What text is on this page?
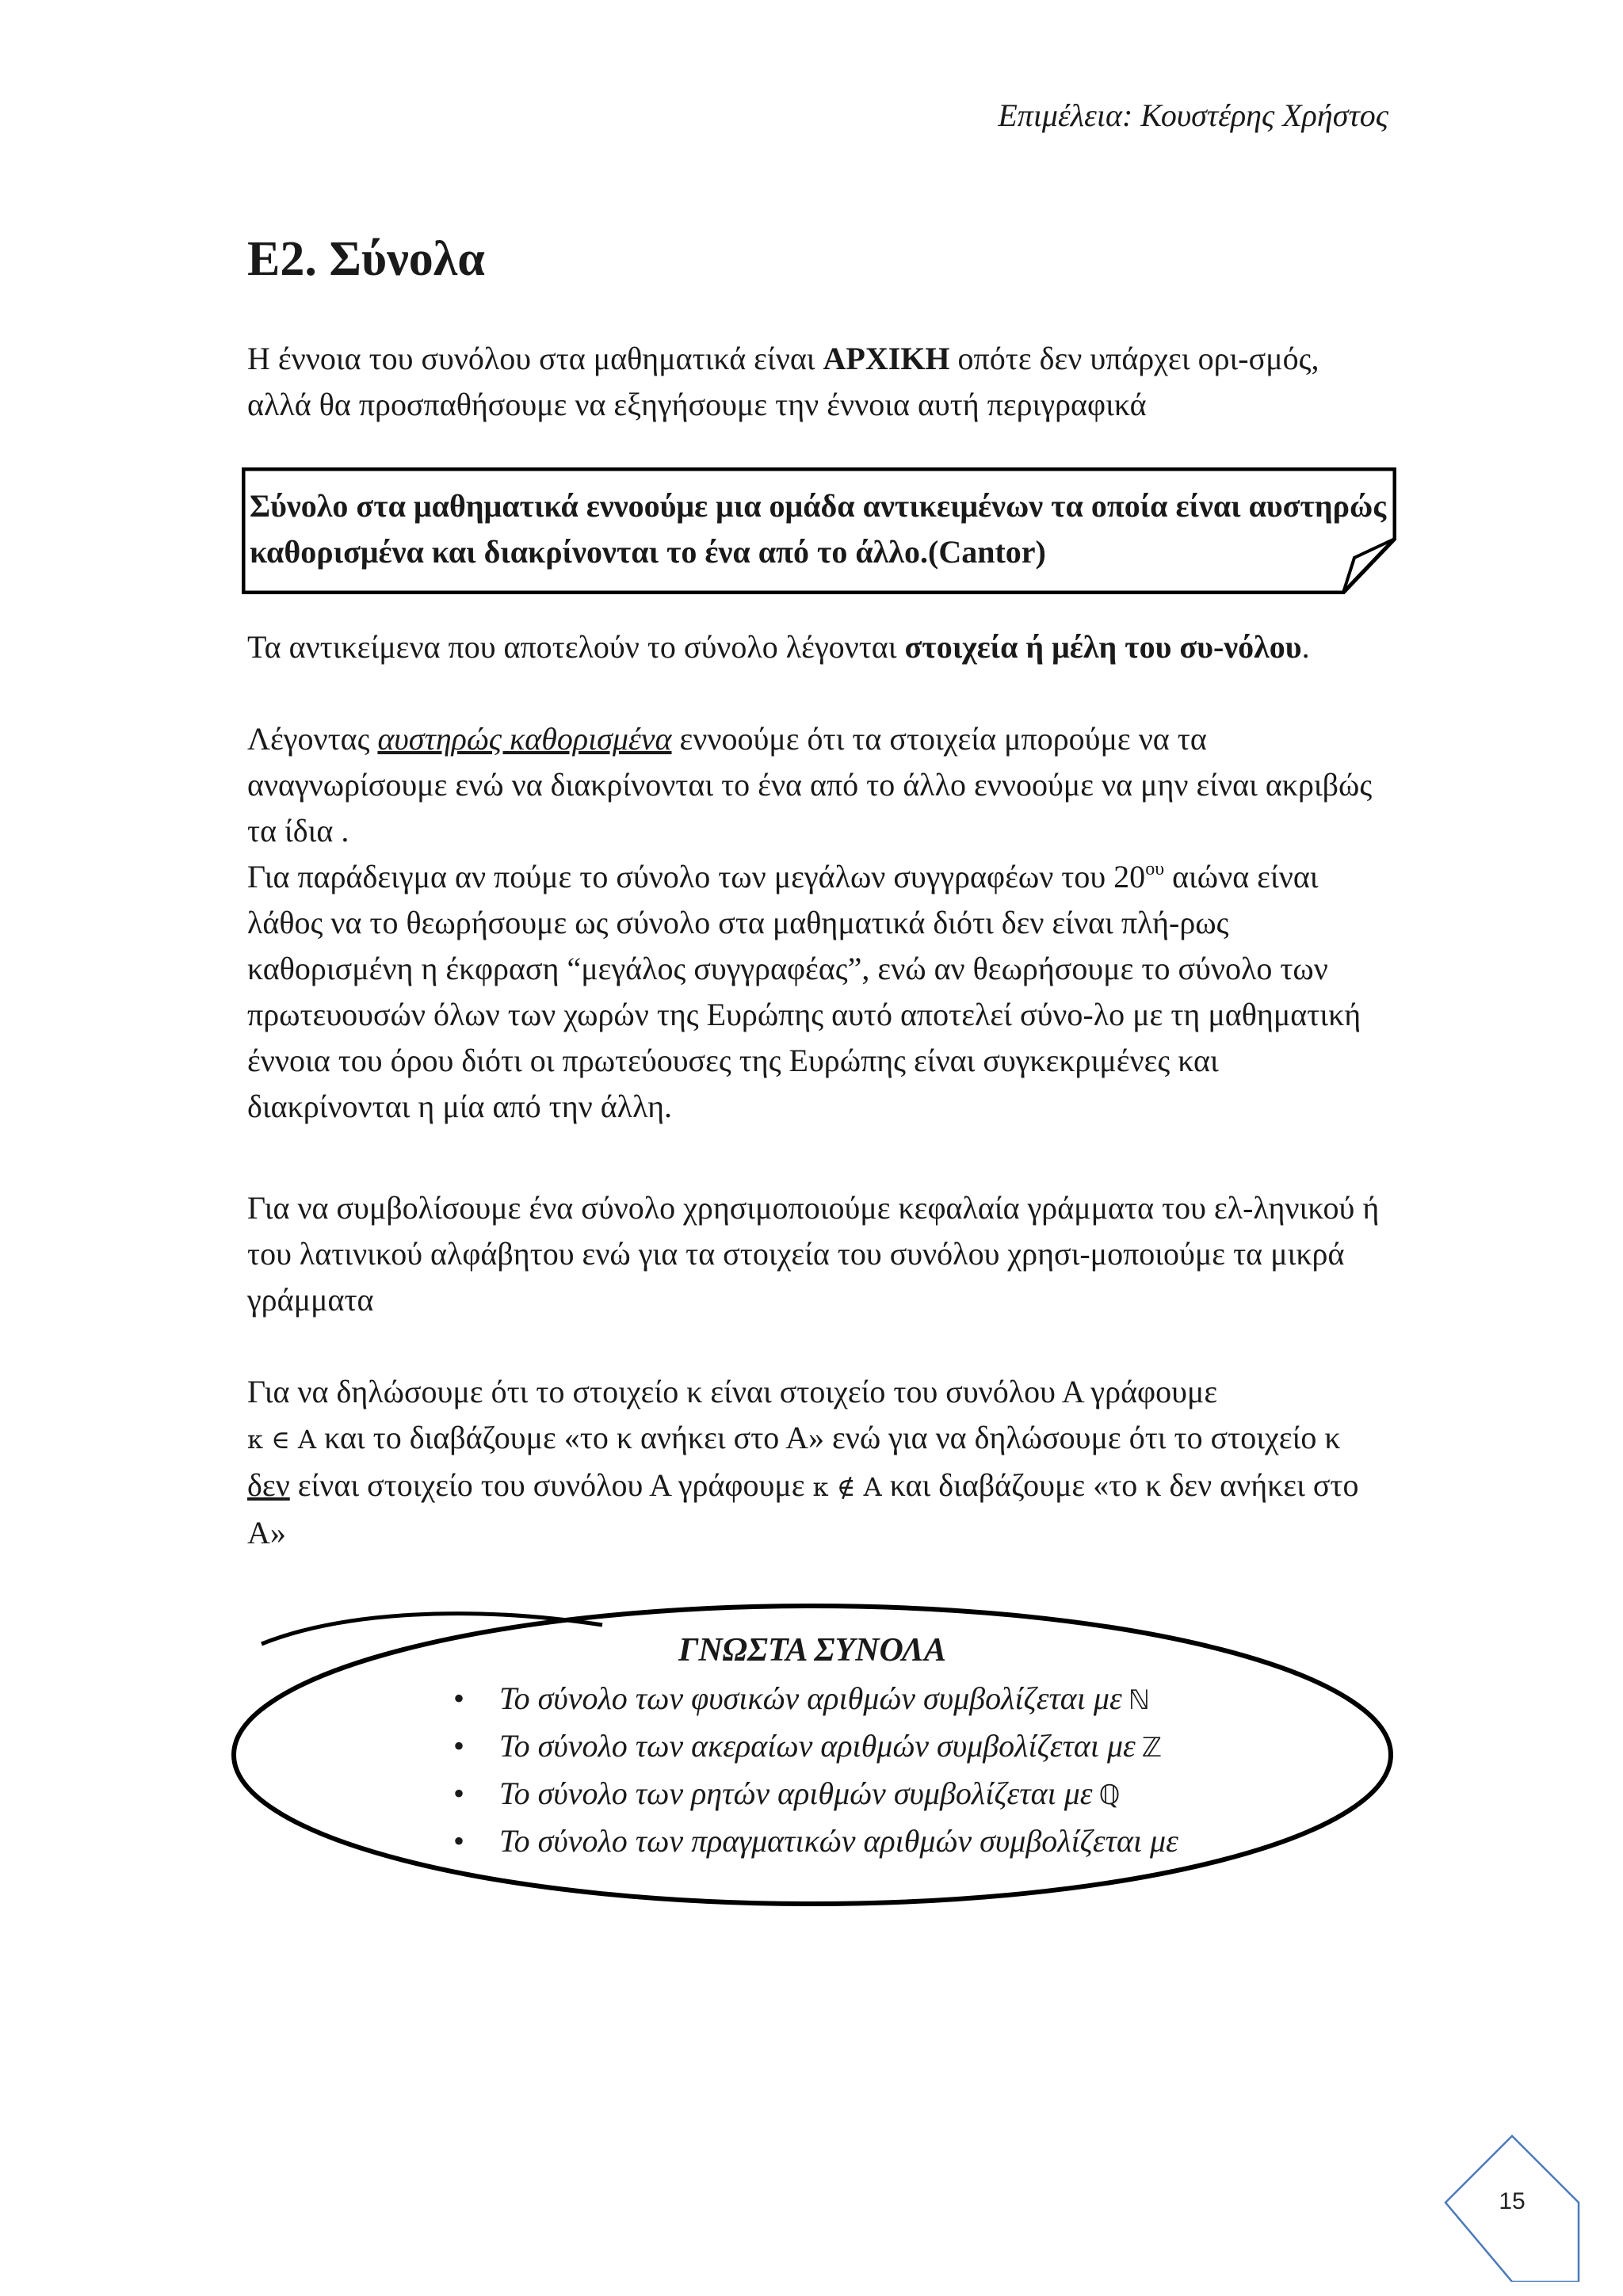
Επιμέλεια: Κουστέρης Χρήστος
Ε2. Σύνολα

Η έννοια του συνόλου στα μαθηματικά είναι ΑΡΧΙΚΗ οπότε δεν υπάρχει ορι-σμός, αλλά θα προσπαθήσουμε να εξηγήσουμε την έννοια αυτή περιγραφικά

Σύνολο στα μαθηματικά εννοούμε μια ομάδα αντικειμένων τα οποία είναι αυστηρώς καθορισμένα και διακρίνονται το ένα από το άλλο.(Cantor)

Τα αντικείμενα που αποτελούν το σύνολο λέγονται στοιχεία ή μέλη του συ-νόλου.

Λέγοντας αυστηρώς καθορισμένα εννοούμε ότι τα στοιχεία μπορούμε να τα αναγνωρίσουμε ενώ να διακρίνονται το ένα από το άλλο εννοούμε να μην είναι ακριβώς τα ίδια .

Για παράδειγμα αν πούμε το σύνολο των μεγάλων συγγραφέων του $20^{o\upsilon}$ αιώνα είναι λάθος να το θεωρήσουμε ως σύνολο στα μαθηματικά διότι δεν είναι πλή-ρως καθορισμένη η έκφραση “μεγάλος συγγραφέας”, ενώ αν θεωρήσουμε το σύνολο των πρωτευουσών όλων των χωρών της Ευρώπης αυτό αποτελεί σύνο-λο με τη μαθηματική έννοια του όρου διότι οι πρωτεύουσες της Ευρώπης είναι συγκεκριμένες και διακρίνονται η μία από την άλλη.

Για να συμβολίσουμε ένα σύνολο χρησιμοποιούμε κεφαλαία γράμματα του ελ-ληνικού ή του λατινικού αλφάβητου ενώ για τα στοιχεία του συνόλου χρησι-μοποιούμε τα μικρά γράμματα

Για να δηλώσουμε ότι το στοιχείο κ είναι στοιχείο του συνόλου Α γράφουμε
κ ∈ Α και το διαβάζουμε «το κ ανήκει στο Α» ενώ για να δηλώσουμε ότι το στοιχείο κ δεν είναι στοιχείο του συνόλου Α γράφουμε κ ∉ Α και διαβάζουμε «το κ δεν ανήκει στο Α»

ΓΝΩΣΤΑ ΣΥΝΟΛΑ

• Το σύνολο των φυσικών αριθμών συμβολίζεται με ℕ
• Το σύνολο των ακεραίων αριθμών συμβολίζεται με ℤ
• Το σύνολο των ρητών αριθμών συμβολίζεται με ℚ
• Το σύνολο των πραγματικών αριθμών συμβολίζεται με
15
